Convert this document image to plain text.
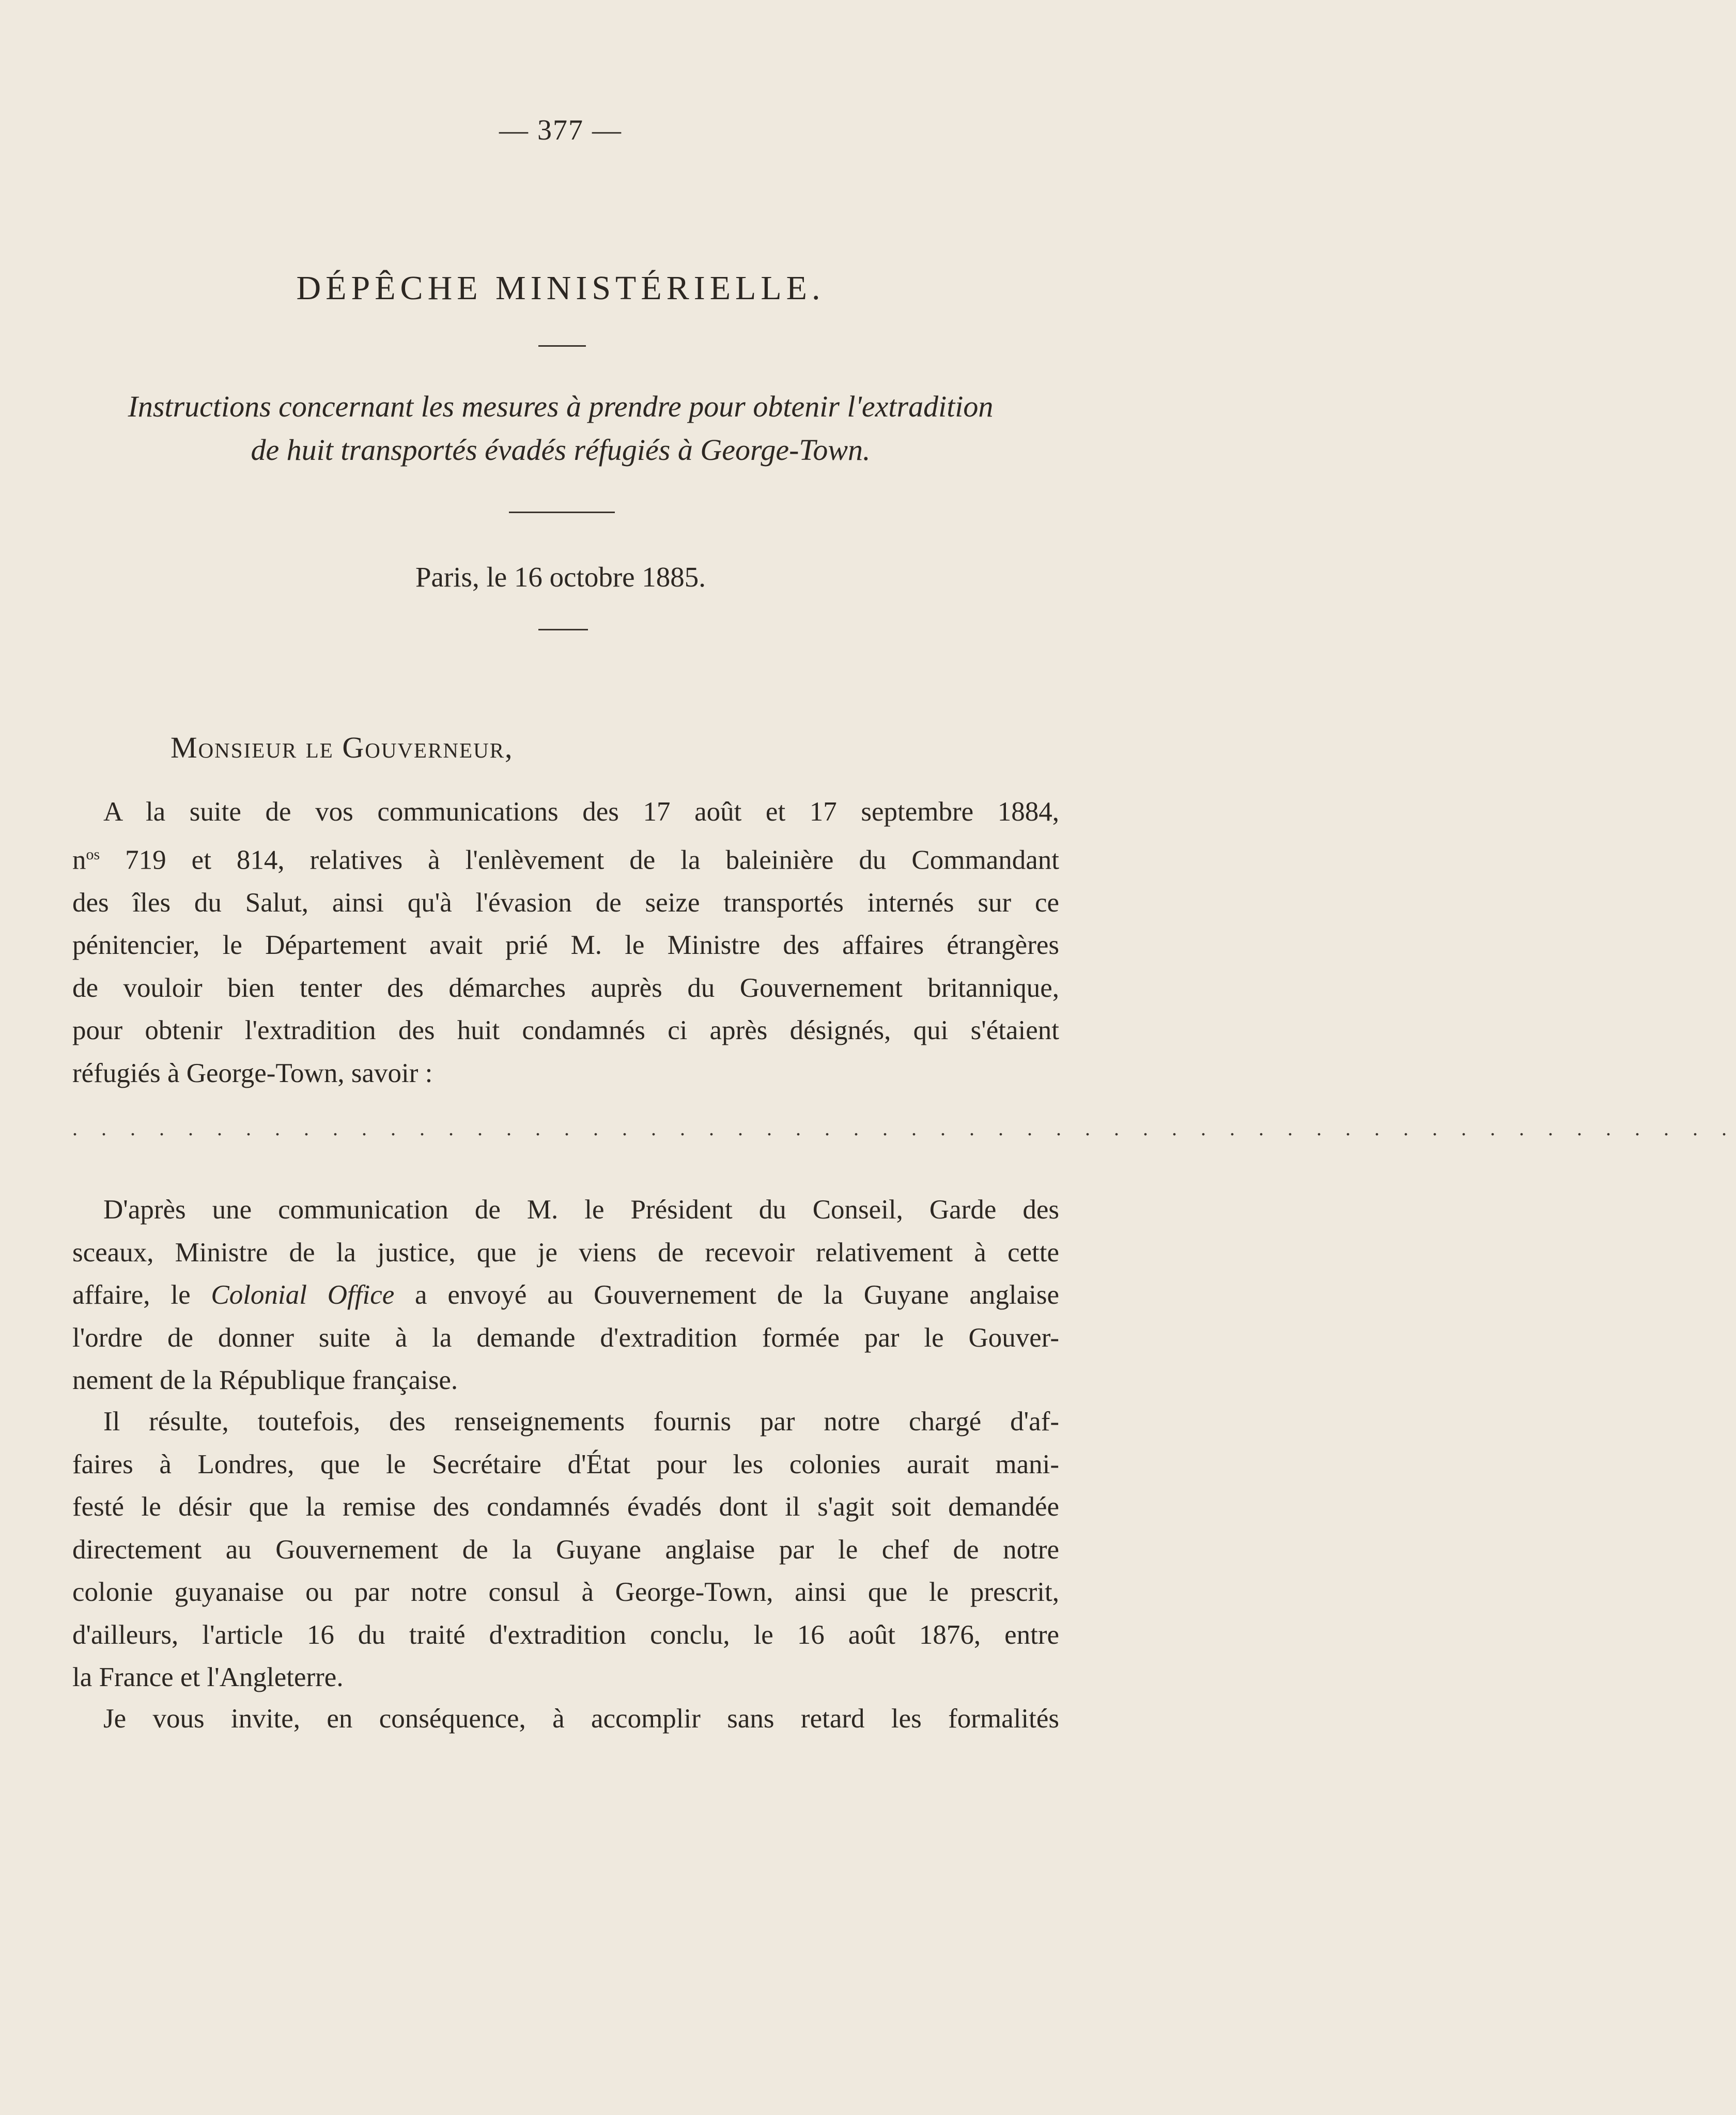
— 377 —
DÉPÊCHE MINISTÉRIELLE.
Instructions concernant les mesures à prendre pour obtenir l'extradition
de huit transportés évadés réfugiés à George-Town.
Paris, le 16 octobre 1885.
Monsieur le Gouverneur,
A la suite de vos communications des 17 août et 17 septembre 1884,
$n^{os}$ 719 et 814, relatives à l'enlèvement de la baleinière du Commandant
des îles du Salut, ainsi qu'à l'évasion de seize transportés internés sur ce
pénitencier, le Département avait prié M. le Ministre des affaires étrangères
de vouloir bien tenter des démarches auprès du Gouvernement britannique,
pour obtenir l'extradition des huit condamnés ci après désignés, qui s'étaient
réfugiés à George-Town, savoir :
. . . . . . . . . . . . . . . . . . . . . . . . . . . . . . . . . . . . . . . . . . . . . . . . . . . . . . . . . .
D'après une communication de M. le Président du Conseil, Garde des
sceaux, Ministre de la justice, que je viens de recevoir relativement à cette
affaire, le Colonial Office a envoyé au Gouvernement de la Guyane anglaise
l'ordre de donner suite à la demande d'extradition formée par le Gouver-
nement de la République française.
Il résulte, toutefois, des renseignements fournis par notre chargé d'af-
faires à Londres, que le Secrétaire d'État pour les colonies aurait mani-
festé le désir que la remise des condamnés évadés dont il s'agit soit demandée
directement au Gouvernement de la Guyane anglaise par le chef de notre
colonie guyanaise ou par notre consul à George-Town, ainsi que le prescrit,
d'ailleurs, l'article 16 du traité d'extradition conclu, le 16 août 1876, entre
la France et l'Angleterre.
Je vous invite, en conséquence, à accomplir sans retard les formalités
